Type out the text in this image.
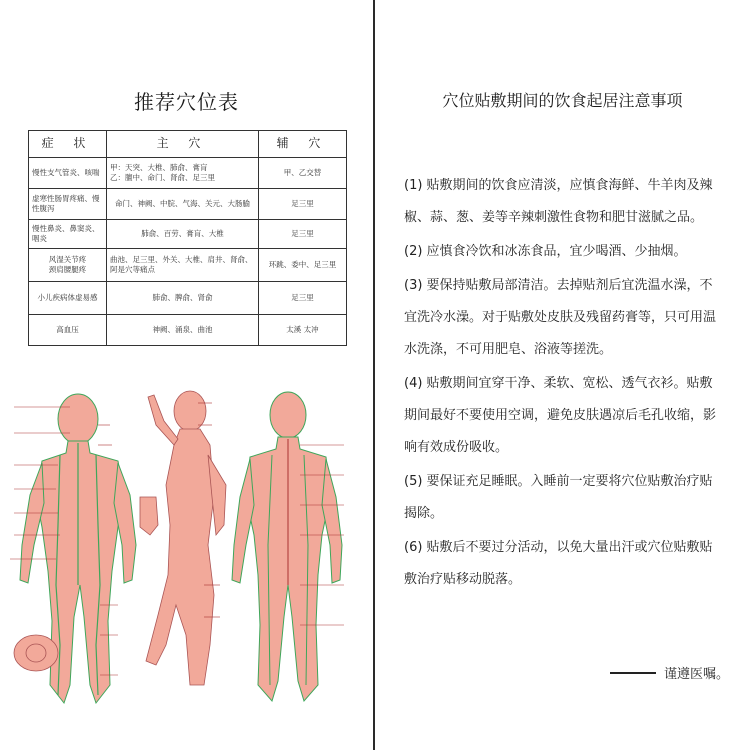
推荐穴位表
症 状	主 穴	辅 穴
慢性支气管炎、咳喘	甲：天突、大椎、肺俞、膏肓
乙：膻中、命门、肾俞、足三里	甲、乙交替
虚寒性肠胃疼痛、慢性腹泻	命门、神阙、中脘、气海、关元、大肠腧	足三里
慢性鼻炎、鼻窦炎、咽炎	肺俞、百劳、膏肓、大椎	足三里
风湿关节疼
颈肩腰腿疼	曲池、足三里、外关、大椎、肩井、肾俞、阿是穴等痛点	环跳、委中、足三里
小儿疾病体虚易感	肺俞、脾俞、肾俞	足三里
高血压	神阙、涌泉、曲池	太溪 太冲
穴位贴敷期间的饮食起居注意事项
(1) 贴敷期间的饮食应清淡，应慎食海鲜、牛羊肉及辣椒、蒜、葱、姜等辛辣刺激性食物和肥甘滋腻之品。
(2) 应慎食冷饮和冰冻食品，宜少喝酒、少抽烟。
(3) 要保持贴敷局部清洁。去掉贴剂后宜洗温水澡，不宜洗冷水澡。对于贴敷处皮肤及残留药膏等，只可用温水洗涤，不可用肥皂、浴液等搓洗。
(4) 贴敷期间宜穿干净、柔软、宽松、透气衣衫。贴敷期间最好不要使用空调，避免皮肤遇凉后毛孔收缩，影响有效成份吸收。
(5) 要保证充足睡眠。入睡前一定要将穴位贴敷治疗贴揭除。
(6) 贴敷后不要过分活动，以免大量出汗或穴位贴敷贴敷治疗贴移动脱落。
谨遵医嘱。
